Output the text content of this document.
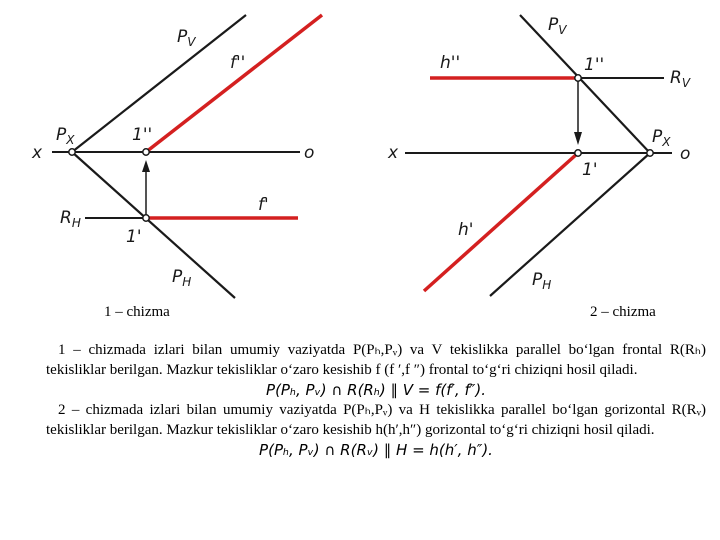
$P_V$
f''
x
$P_X$	1''
o
$R_H$
f'
1'
$P_H$
$P_V$
h''	1''
$R_V$
x
$P_X$
o
1'
h'
$P_H$
1 – chizma	2 – chizma

1 – chizmada izlari bilan umumiy vaziyatda P(Pₕ,Pᵥ) va V tekislikka parallel bo‘lgan frontal R(Rₕ) tekisliklar berilgan. Mazkur tekisliklar o‘zaro kesishib f (f ′,f ″) frontal to‘g‘ri chiziqni hosil qiladi.

P(Pₕ, Pᵥ) ∩ R(Rₕ) ∥ V = f(f′, f″).

2 – chizmada izlari bilan umumiy vaziyatda P(Pₕ,Pᵥ) va H tekislikka parallel bo‘lgan gorizontal R(Rᵥ) tekisliklar berilgan. Mazkur tekisliklar o‘zaro kesishib h(h′,h″) gorizontal to‘g‘ri chiziqni hosil qiladi.

P(Pₕ, Pᵥ) ∩ R(Rᵥ) ∥ H = h(h′, h″).
